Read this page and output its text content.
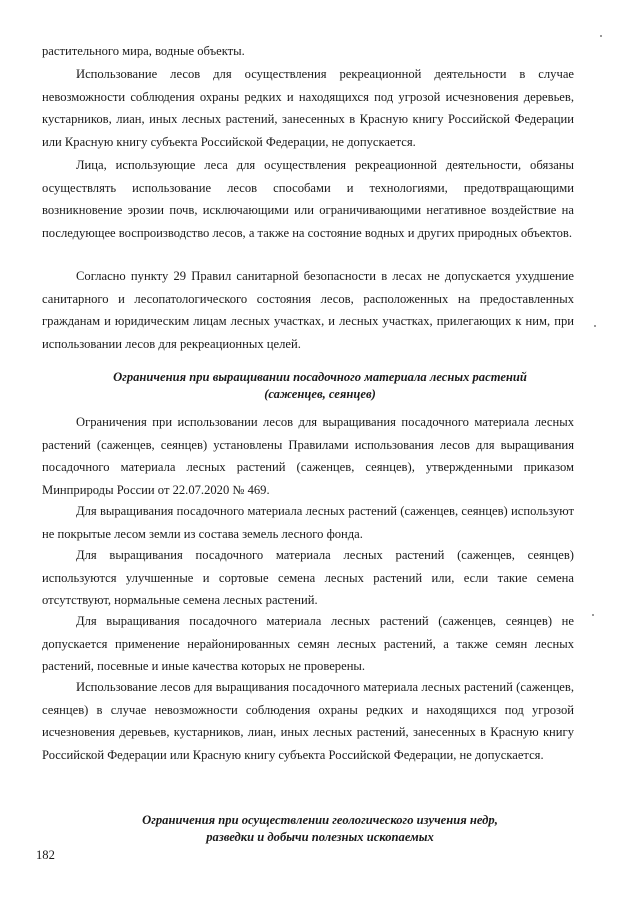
растительного мира, водные объекты.

Использование лесов для осуществления рекреационной деятельности в случае невозможности соблюдения охраны редких и находящихся под угрозой исчезновения деревьев, кустарников, лиан, иных лесных растений, занесенных в Красную книгу Российской Федерации или Красную книгу субъекта Российской Федерации, не допускается.

Лица, использующие леса для осуществления рекреационной деятельности, обязаны осуществлять использование лесов способами и технологиями, предотвращающими возникновение эрозии почв, исключающими или ограничивающими негативное воздействие на последующее воспроизводство лесов, а также на состояние водных и других природных объектов.

Согласно пункту 29 Правил санитарной безопасности в лесах не допускается ухудшение санитарного и лесопатологического состояния лесов, расположенных на предоставленных гражданам и юридическим лицам лесных участках, и лесных участках, прилегающих к ним, при использовании лесов для рекреационных целей.

Ограничения при выращивании посадочного материала лесных растений
(саженцев, сеянцев)

Ограничения при использовании лесов для выращивания посадочного материала лесных растений (саженцев, сеянцев) установлены Правилами использования лесов для выращивания посадочного материала лесных растений (саженцев, сеянцев), утвержденными приказом Минприроды России от 22.07.2020 № 469.

Для выращивания посадочного материала лесных растений (саженцев, сеянцев) используют не покрытые лесом земли из состава земель лесного фонда.

Для выращивания посадочного материала лесных растений (саженцев, сеянцев) используются улучшенные и сортовые семена лесных растений или, если такие семена отсутствуют, нормальные семена лесных растений.

Для выращивания посадочного материала лесных растений (саженцев, сеянцев) не допускается применение нерайонированных семян лесных растений, а также семян лесных растений, посевные и иные качества которых не проверены.

Использование лесов для выращивания посадочного материала лесных растений (саженцев, сеянцев) в случае невозможности соблюдения охраны редких и находящихся под угрозой исчезновения деревьев, кустарников, лиан, иных лесных растений, занесенных в Красную книгу Российской Федерации или Красную книгу субъекта Российской Федерации, не допускается.

Ограничения при осуществлении геологического изучения недр,
разведки и добычи полезных ископаемых
182
